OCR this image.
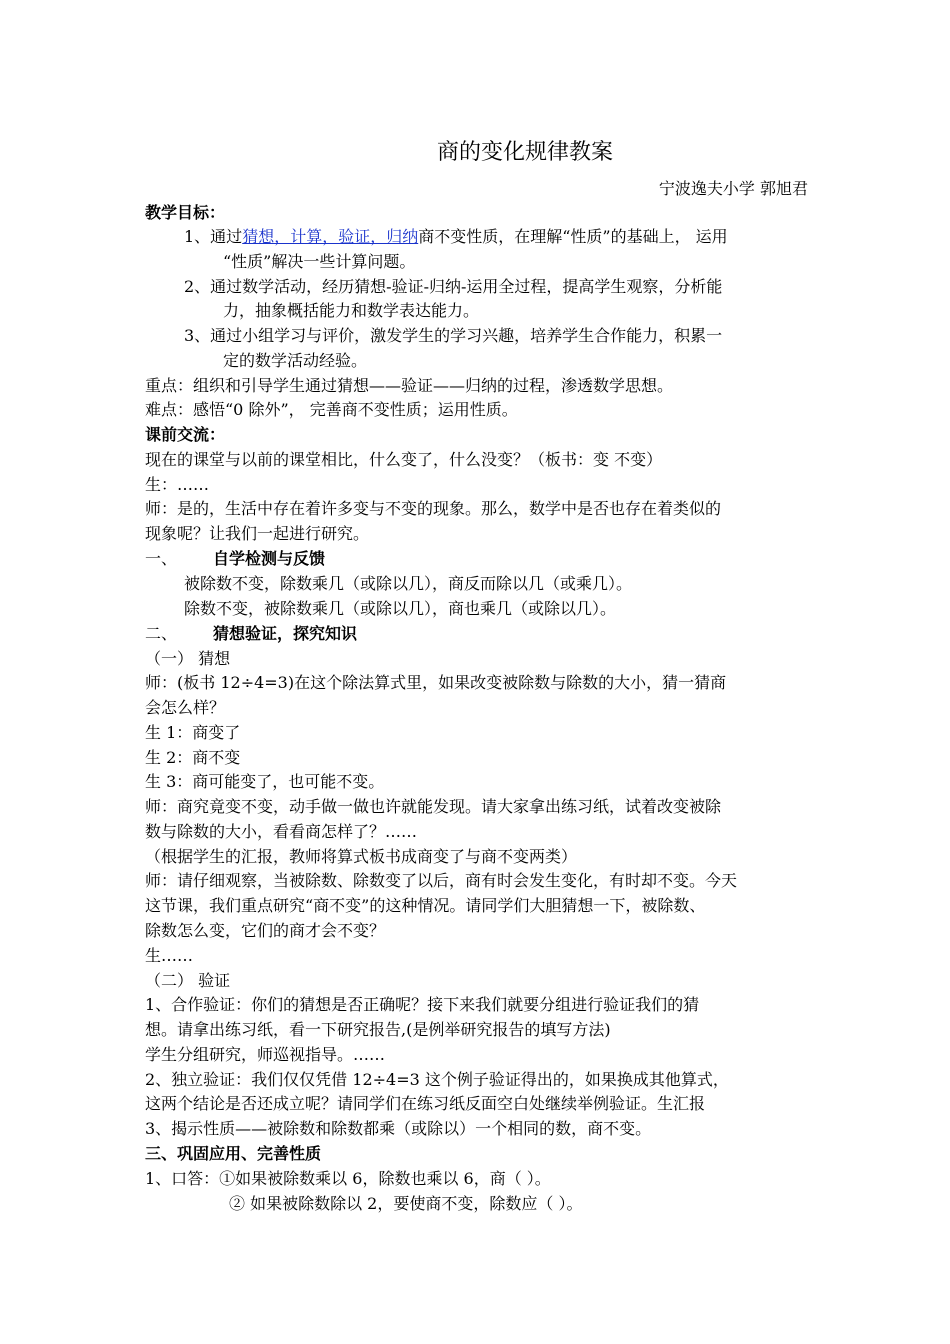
商的变化规律教案
宁波逸夫小学 郭旭君
教学目标：
1、通过猜想，计算，验证，归纳商不变性质，在理解“性质”的基础上， 运用
“性质”解决一些计算问题。
2、通过数学活动，经历猜想-验证-归纳-运用全过程，提高学生观察，分析能
力，抽象概括能力和数学表达能力。
3、通过小组学习与评价，激发学生的学习兴趣，培养学生合作能力，积累一
定的数学活动经验。
重点：组织和引导学生通过猜想——验证——归纳的过程，渗透数学思想。
难点：感悟“0 除外”， 完善商不变性质；运用性质。
课前交流：
现在的课堂与以前的课堂相比，什么变了，什么没变？（板书：变 不变）
生：……
师：是的，生活中存在着许多变与不变的现象。那么，数学中是否也存在着类似的
现象呢？让我们一起进行研究。
一、 自学检测与反馈
被除数不变，除数乘几（或除以几），商反而除以几（或乘几）。
除数不变，被除数乘几（或除以几），商也乘几（或除以几）。
二、 猜想验证，探究知识
（一） 猜想
师：(板书 12÷4=3)在这个除法算式里，如果改变被除数与除数的大小，猜一猜商
会怎么样？
生 1：商变了
生 2：商不变
生 3：商可能变了，也可能不变。
师：商究竟变不变，动手做一做也许就能发现。请大家拿出练习纸，试着改变被除
数与除数的大小，看看商怎样了？……
（根据学生的汇报，教师将算式板书成商变了与商不变两类）
师：请仔细观察，当被除数、除数变了以后，商有时会发生变化，有时却不变。今天
这节课，我们重点研究“商不变”的这种情况。请同学们大胆猜想一下，被除数、
除数怎么变，它们的商才会不变？
生……
（二） 验证
1、合作验证：你们的猜想是否正确呢？接下来我们就要分组进行验证我们的猜
想。请拿出练习纸，看一下研究报告,(是例举研究报告的填写方法)
学生分组研究，师巡视指导。……
2、独立验证：我们仅仅凭借 12÷4=3 这个例子验证得出的，如果换成其他算式，
这两个结论是否还成立呢？请同学们在练习纸反面空白处继续举例验证。生汇报
3、揭示性质——被除数和除数都乘（或除以）一个相同的数，商不变。
三、巩固应用、完善性质
1、口答：①如果被除数乘以 6，除数也乘以 6，商（ ）。
② 如果被除数除以 2，要使商不变，除数应（ ）。
